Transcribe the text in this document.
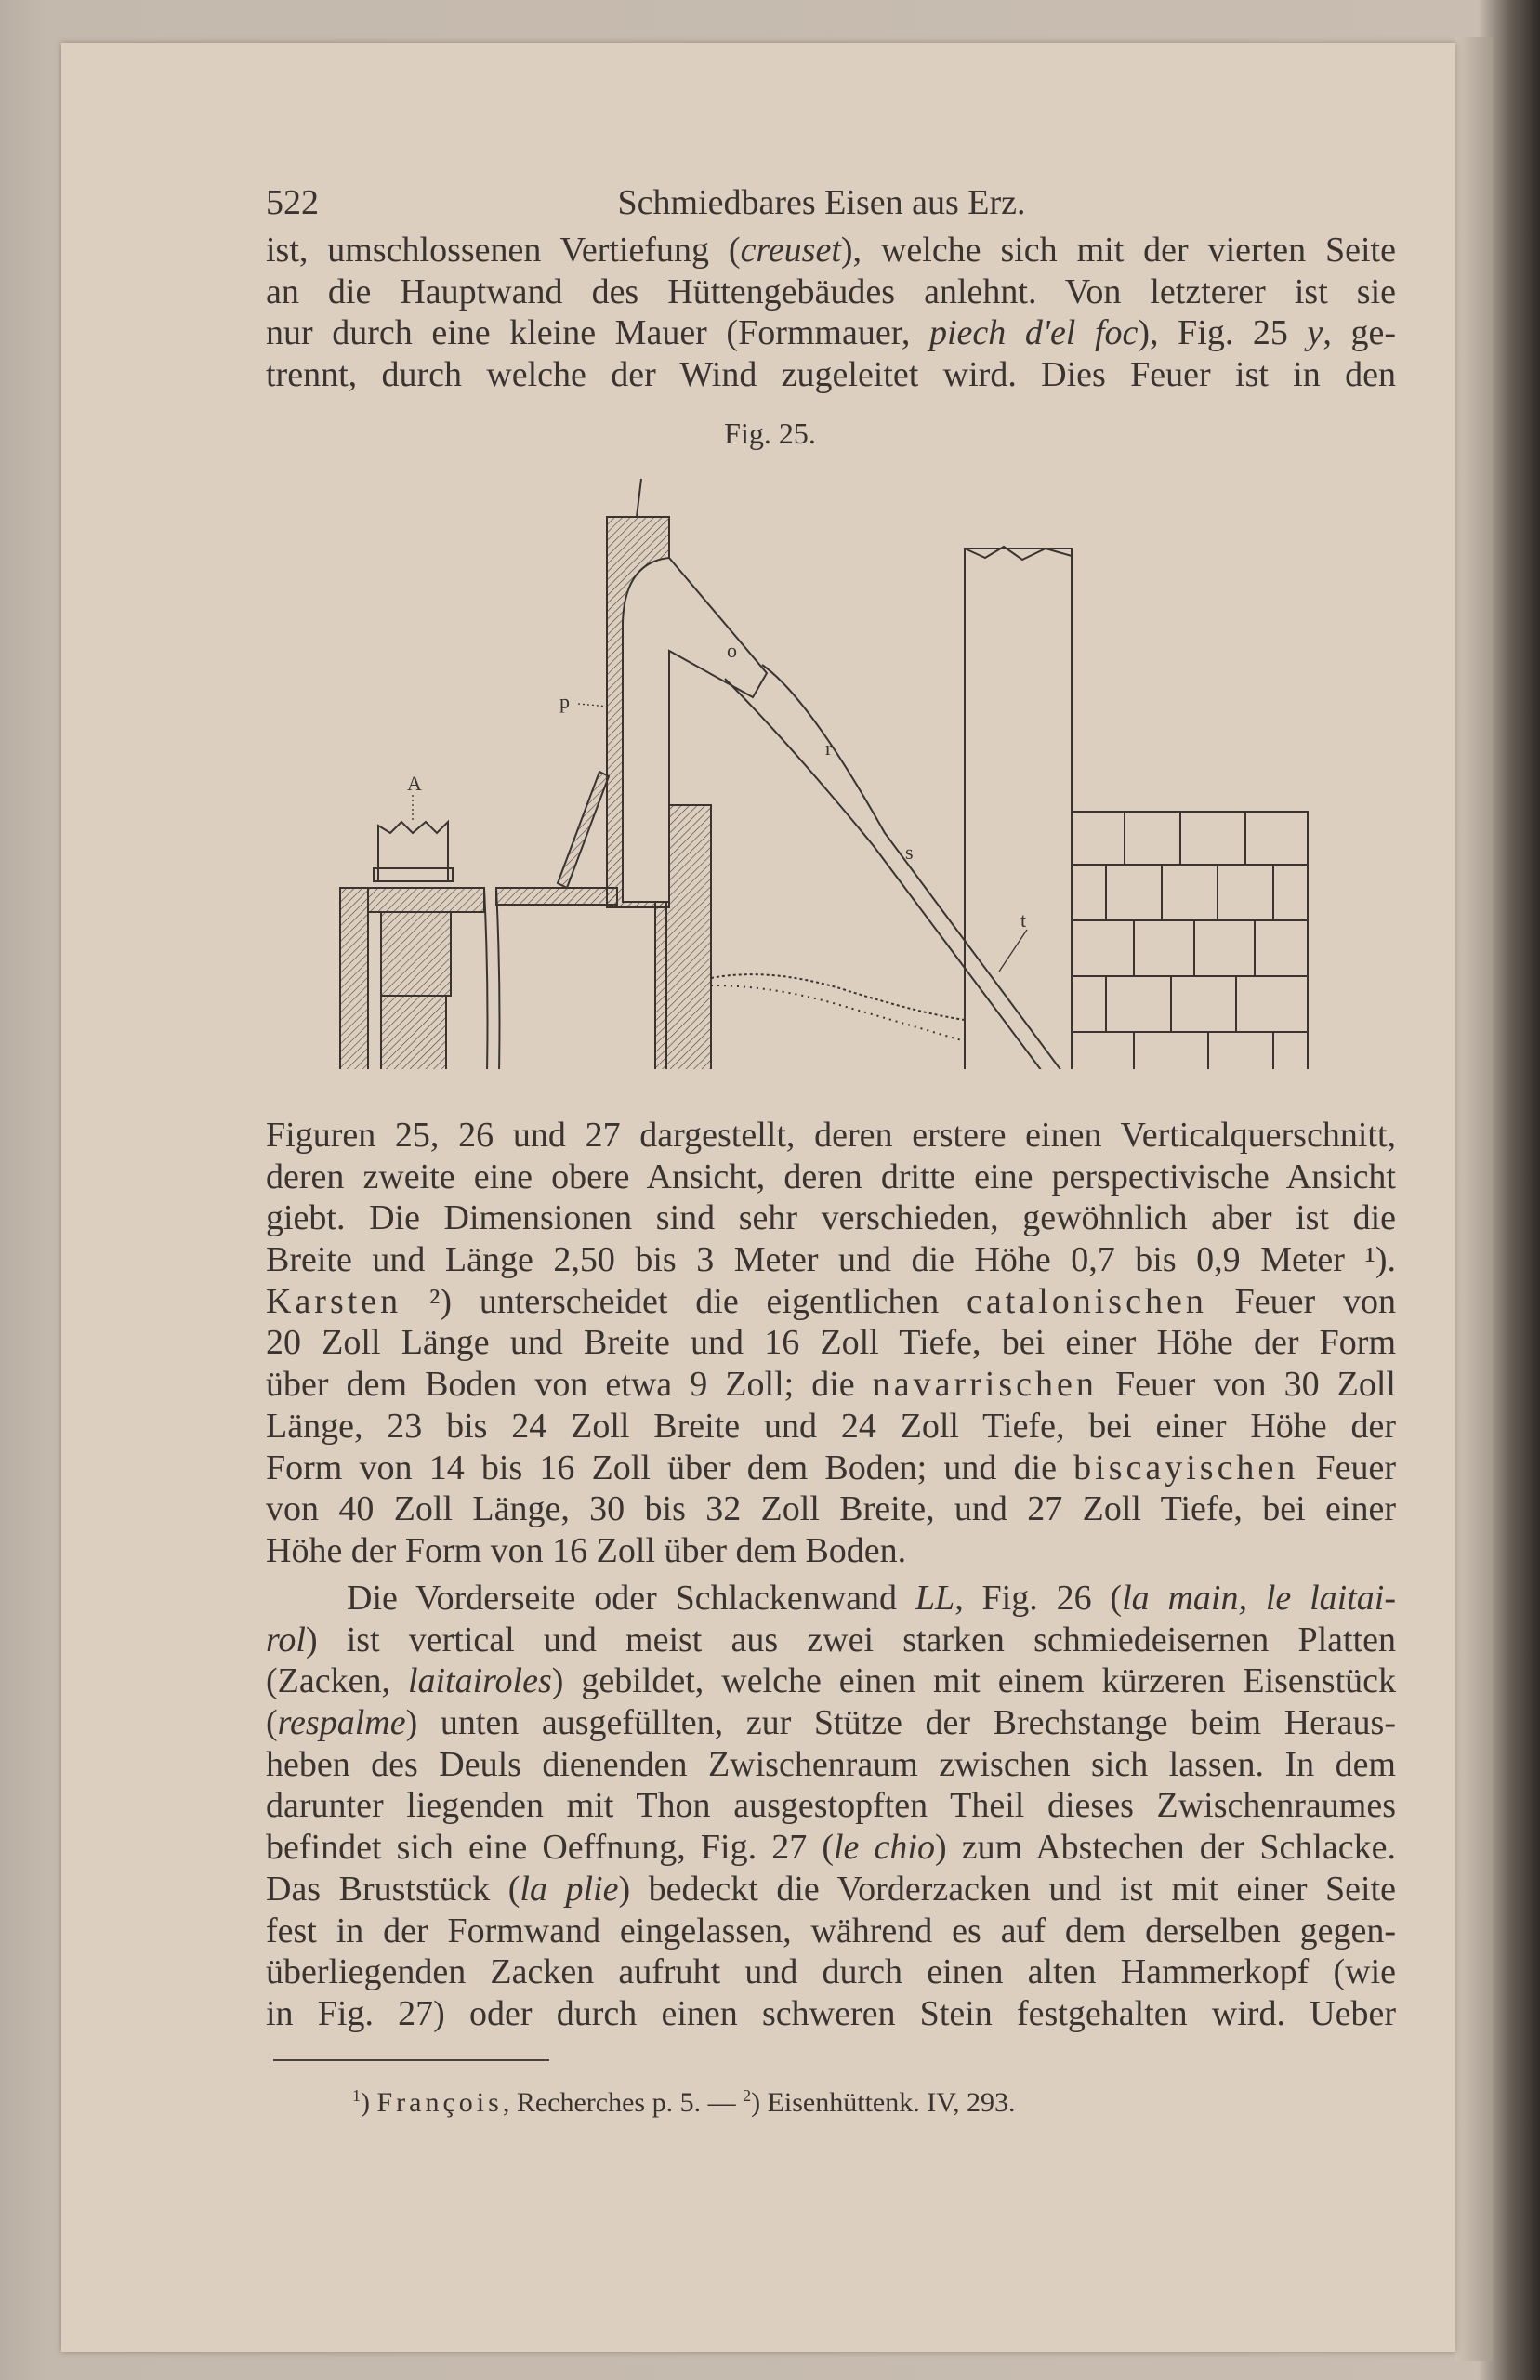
522	Schmiedbares Eisen aus Erz.
ist, umschlossenen Vertiefung (creuset), welche sich mit der vierten Seite
an die Hauptwand des Hüttengebäudes anlehnt. Von letzterer ist sie
nur durch eine kleine Mauer (Formmauer, piech d'el foc), Fig. 25 y, ge-
trennt, durch welche der Wind zugeleitet wird. Dies Feuer ist in den
Fig. 25.
A
p
o
r
s
t
Figuren 25, 26 und 27 dargestellt, deren erstere einen Verticalquerschnitt,
deren zweite eine obere Ansicht, deren dritte eine perspectivische Ansicht
giebt. Die Dimensionen sind sehr verschieden, gewöhnlich aber ist die
Breite und Länge 2,50 bis 3 Meter und die Höhe 0,7 bis 0,9 Meter ¹).
Karsten ²) unterscheidet die eigentlichen catalonischen Feuer von
20 Zoll Länge und Breite und 16 Zoll Tiefe, bei einer Höhe der Form
über dem Boden von etwa 9 Zoll; die navarrischen Feuer von 30 Zoll
Länge, 23 bis 24 Zoll Breite und 24 Zoll Tiefe, bei einer Höhe der
Form von 14 bis 16 Zoll über dem Boden; und die biscayischen Feuer
von 40 Zoll Länge, 30 bis 32 Zoll Breite, und 27 Zoll Tiefe, bei einer
Höhe der Form von 16 Zoll über dem Boden.
Die Vorderseite oder Schlackenwand LL, Fig. 26 (la main, le laitai-
rol) ist vertical und meist aus zwei starken schmiedeisernen Platten
(Zacken, laitairoles) gebildet, welche einen mit einem kürzeren Eisenstück
(respalme) unten ausgefüllten, zur Stütze der Brechstange beim Heraus-
heben des Deuls dienenden Zwischenraum zwischen sich lassen. In dem
darunter liegenden mit Thon ausgestopften Theil dieses Zwischenraumes
befindet sich eine Oeffnung, Fig. 27 (le chio) zum Abstechen der Schlacke.
Das Bruststück (la plie) bedeckt die Vorderzacken und ist mit einer Seite
fest in der Formwand eingelassen, während es auf dem derselben gegen-
überliegenden Zacken aufruht und durch einen alten Hammerkopf (wie
in Fig. 27) oder durch einen schweren Stein festgehalten wird. Ueber
$^1$) François, Recherches p. 5. — $^2$) Eisenhüttenk. IV, 293.
